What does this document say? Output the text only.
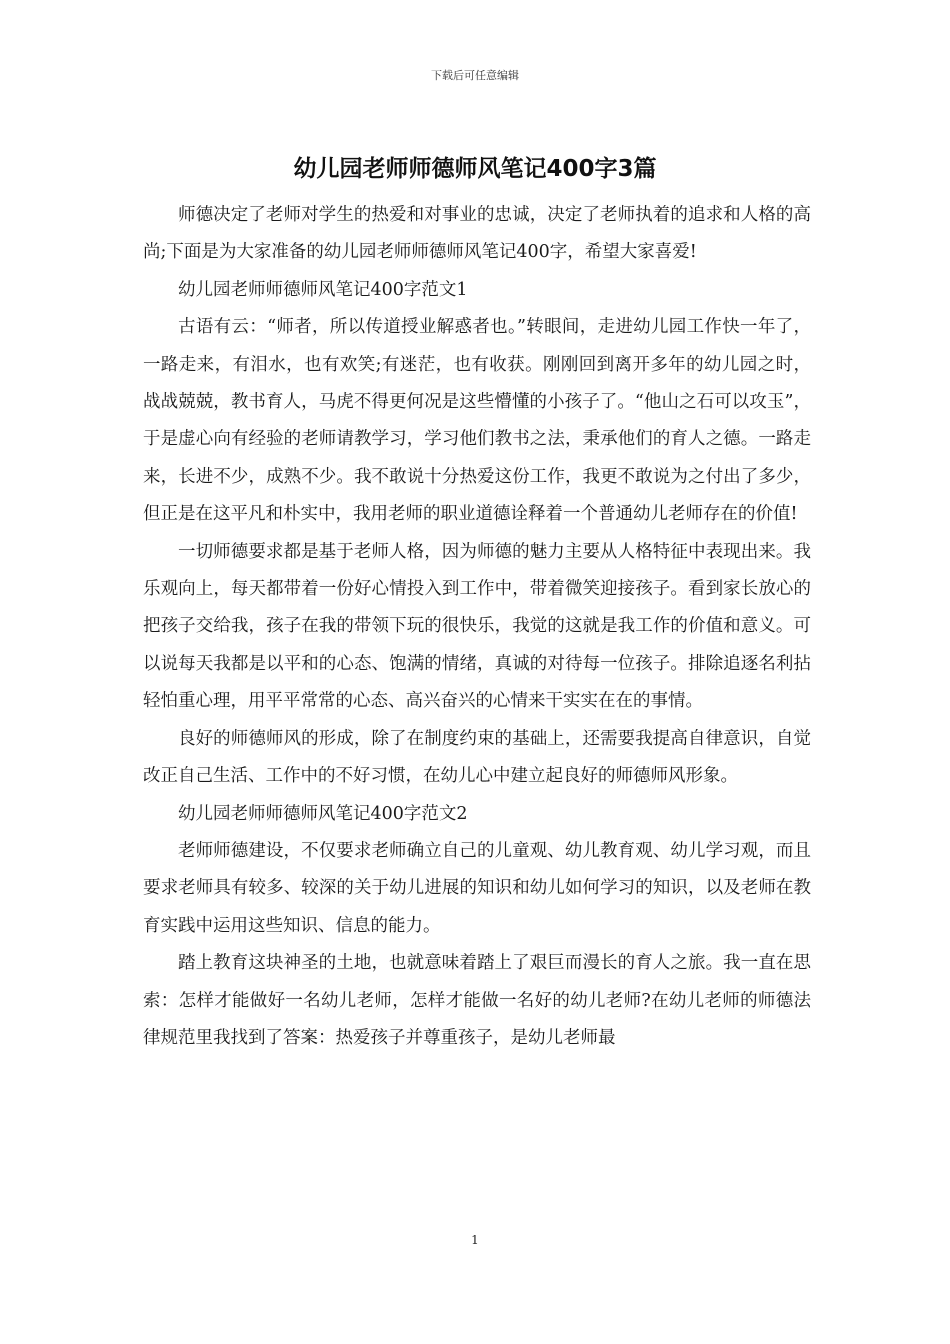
下载后可任意编辑
幼儿园老师师德师风笔记400字3篇

师德决定了老师对学生的热爱和对事业的忠诚，决定了老师执着的追求和人格的高尚;下面是为大家准备的幼儿园老师师德师风笔记400字，希望大家喜爱!

幼儿园老师师德师风笔记400字范文1

古语有云：“师者，所以传道授业解惑者也。”转眼间，走进幼儿园工作快一年了，一路走来，有泪水，也有欢笑;有迷茫，也有收获。刚刚回到离开多年的幼儿园之时，战战兢兢，教书育人，马虎不得更何况是这些懵懂的小孩子了。“他山之石可以攻玉”，于是虚心向有经验的老师请教学习，学习他们教书之法，秉承他们的育人之德。一路走来，长进不少，成熟不少。我不敢说十分热爱这份工作，我更不敢说为之付出了多少，但正是在这平凡和朴实中，我用老师的职业道德诠释着一个普通幼儿老师存在的价值!

一切师德要求都是基于老师人格，因为师德的魅力主要从人格特征中表现出来。我乐观向上，每天都带着一份好心情投入到工作中，带着微笑迎接孩子。看到家长放心的把孩子交给我，孩子在我的带领下玩的很快乐，我觉的这就是我工作的价值和意义。可以说每天我都是以平和的心态、饱满的情绪，真诚的对待每一位孩子。排除追逐名利拈轻怕重心理，用平平常常的心态、高兴奋兴的心情来干实实在在的事情。

良好的师德师风的形成，除了在制度约束的基础上，还需要我提高自律意识，自觉改正自己生活、工作中的不好习惯，在幼儿心中建立起良好的师德师风形象。

幼儿园老师师德师风笔记400字范文2

老师师德建设，不仅要求老师确立自己的儿童观、幼儿教育观、幼儿学习观，而且要求老师具有较多、较深的关于幼儿进展的知识和幼儿如何学习的知识，以及老师在教育实践中运用这些知识、信息的能力。

踏上教育这块神圣的土地，也就意味着踏上了艰巨而漫长的育人之旅。我一直在思索：怎样才能做好一名幼儿老师，怎样才能做一名好的幼儿老师?在幼儿老师的师德法律规范里我找到了答案：热爱孩子并尊重孩子，是幼儿老师最

1
